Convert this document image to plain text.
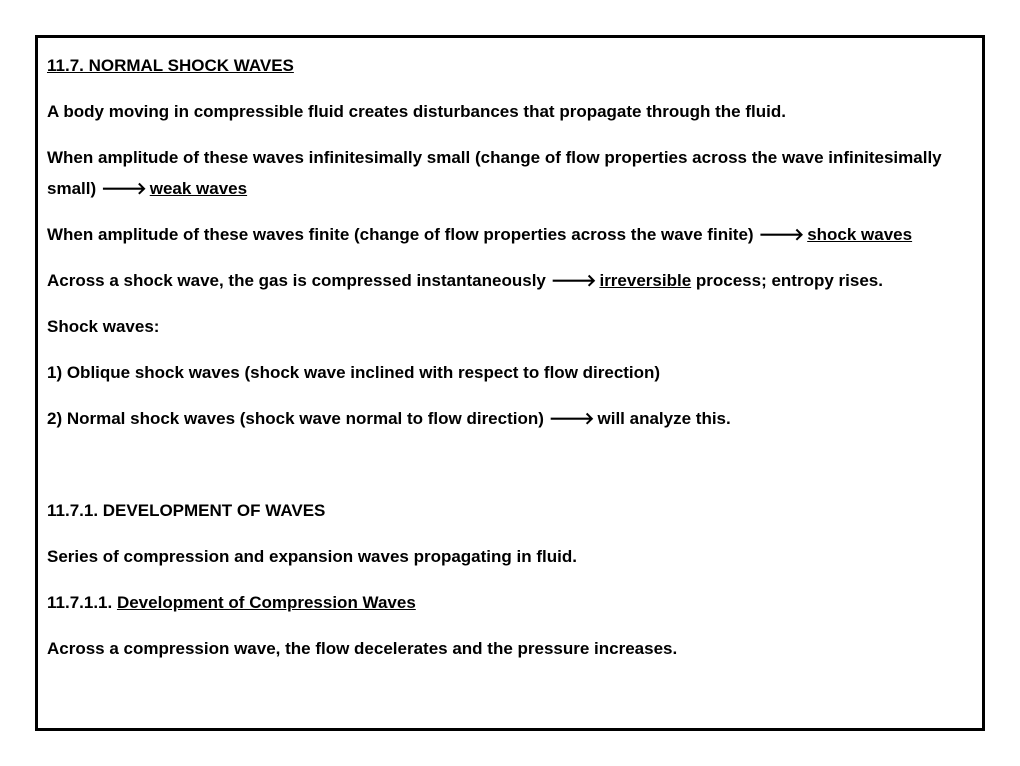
11.7. NORMAL SHOCK WAVES

A body moving in compressible fluid creates disturbances that propagate through the fluid.

When amplitude of these waves infinitesimally small (change of flow properties across the wave infinitesimally small) 🡒 weak waves

When amplitude of these waves finite (change of flow properties across the wave finite) 🡒 shock waves

Across a shock wave, the gas is compressed instantaneously 🡒 irreversible process; entropy rises.

Shock waves:

1) Oblique shock waves (shock wave inclined with respect to flow direction)

2) Normal shock waves (shock wave normal to flow direction) 🡒 will analyze this.

11.7.1. DEVELOPMENT OF WAVES

Series of compression and expansion waves propagating in fluid.

11.7.1.1. Development of Compression Waves

Across a compression wave, the flow decelerates and the pressure increases.
